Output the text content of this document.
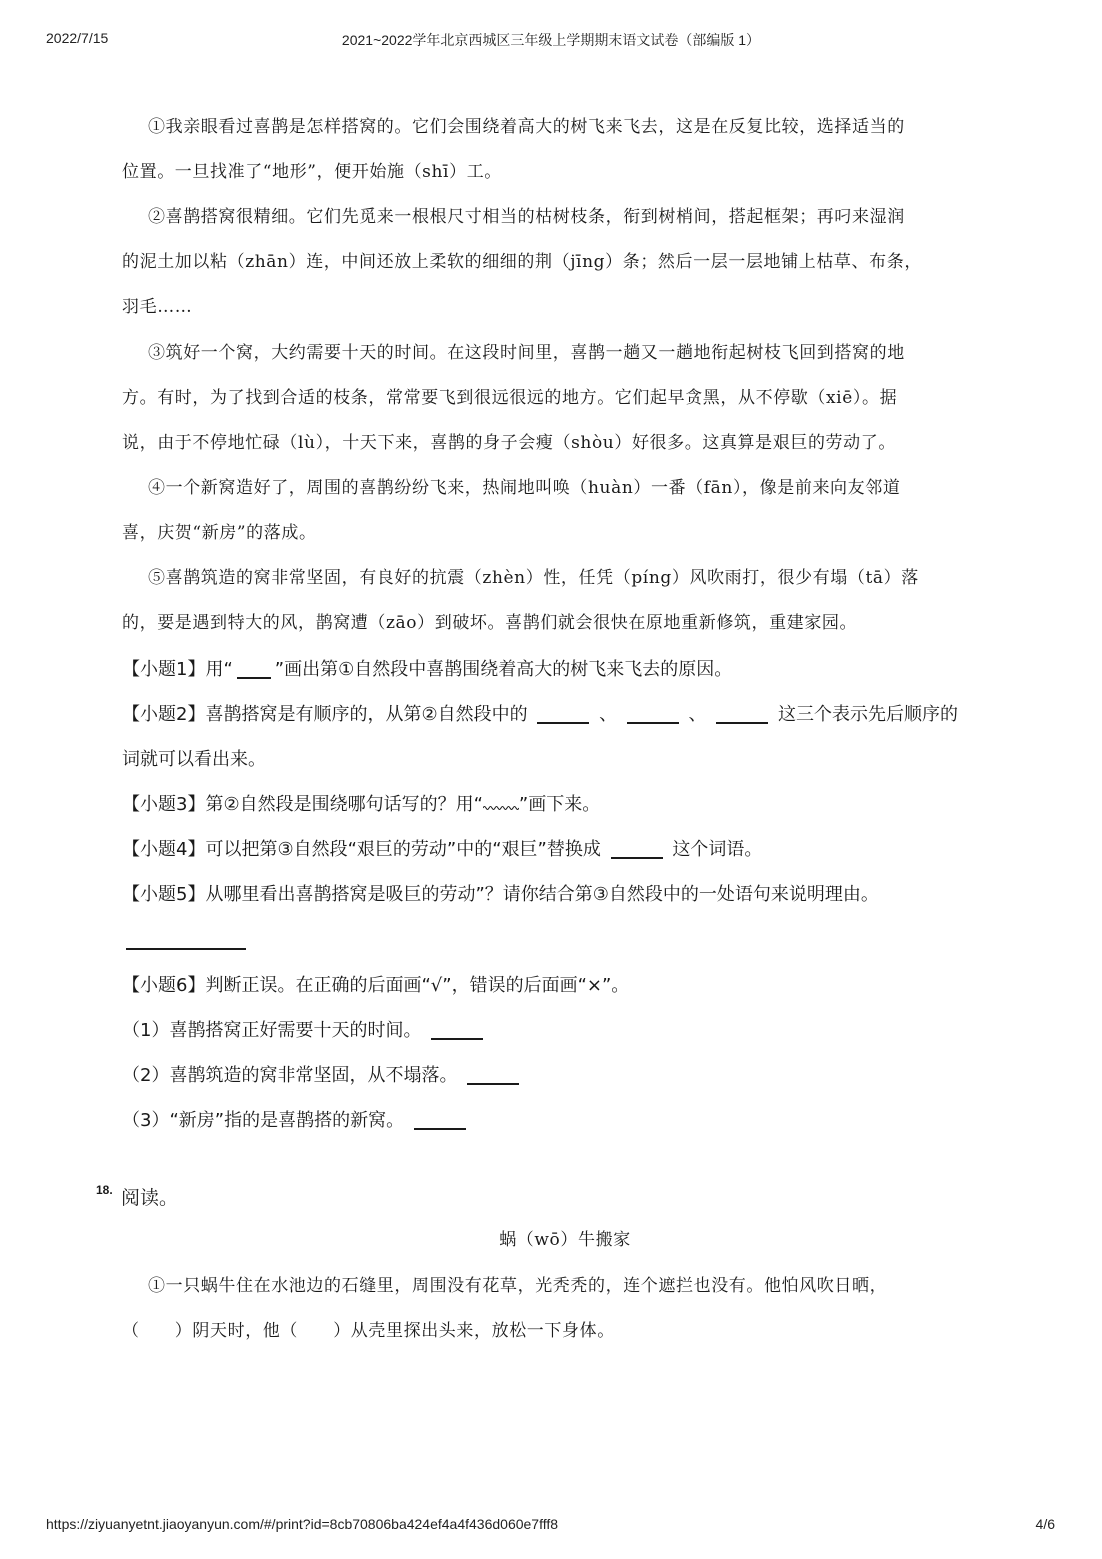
2022/7/15	2021~2022学年北京西城区三年级上学期期末语文试卷（部编版 1）
①我亲眼看过喜鹊是怎样搭窝的。它们会围绕着高大的树飞来飞去，这是在反复比较，选择适当的
位置。一旦找准了“地形”，便开始施（shī）工。
②喜鹊搭窝很精细。它们先觅来一根根尺寸相当的枯树枝条，衔到树梢间，搭起框架；再叼来湿润
的泥土加以粘（zhān）连，中间还放上柔软的细细的荆（jīng）条；然后一层一层地铺上枯草、布条，
羽毛……
③筑好一个窝，大约需要十天的时间。在这段时间里，喜鹊一趟又一趟地衔起树枝飞回到搭窝的地
方。有时，为了找到合适的枝条，常常要飞到很远很远的地方。它们起早贪黑，从不停歇（xiē）。据
说，由于不停地忙碌（lù），十天下来，喜鹊的身子会瘦（shòu）好很多。这真算是艰巨的劳动了。
④一个新窝造好了，周围的喜鹊纷纷飞来，热闹地叫唤（huàn）一番（fān），像是前来向友邻道
喜，庆贺“新房”的落成。
⑤喜鹊筑造的窝非常坚固，有良好的抗震（zhèn）性，任凭（píng）风吹雨打，很少有塌（tā）落
的，要是遇到特大的风，鹊窝遭（zāo）到破坏。喜鹊们就会很快在原地重新修筑，重建家园。
【小题1】用“ ”画出第①自然段中喜鹊围绕着高大的树飞来飞去的原因。
【小题2】喜鹊搭窝是有顺序的，从第②自然段中的	、	、	这三个表示先后顺序的
词就可以看出来。
【小题3】第②自然段是围绕哪句话写的？用“ ”画下来。
【小题4】可以把第③自然段“艰巨的劳动”中的“艰巨”替换成	这个词语。
【小题5】从哪里看出喜鹊搭窝是吸巨的劳动”？请你结合第③自然段中的一处语句来说明理由。
【小题6】判断正误。在正确的后面画“√”，错误的后面画“×”。
（1）喜鹊搭窝正好需要十天的时间。
（2）喜鹊筑造的窝非常坚固，从不塌落。
（3）“新房”指的是喜鹊搭的新窝。
18. 阅读。
蜗（wō）牛搬家
①一只蜗牛住在水池边的石缝里，周围没有花草，光秃秃的，连个遮拦也没有。他怕风吹日晒，
（　　）阴天时，他（　　）从壳里探出头来，放松一下身体。
https://ziyuanyetnt.jiaoyanyun.com/#/print?id=8cb70806ba424ef4a4f436d060e7fff8	4/6
